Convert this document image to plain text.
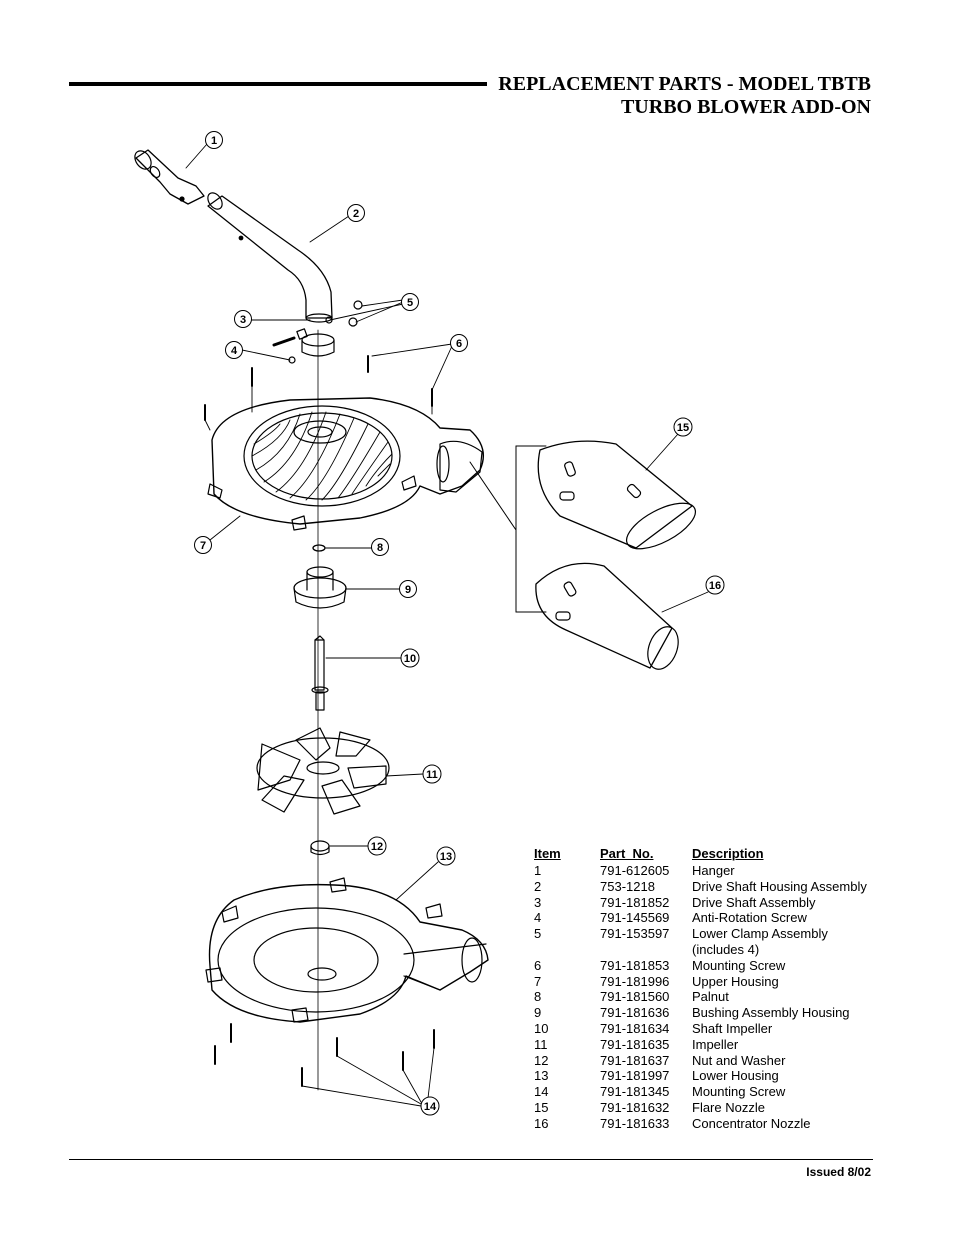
REPLACEMENT PARTS - MODEL TBTB
TURBO BLOWER ADD-ON
1
2
3
4
5
6
7	8
9
10
11
12
13
14
15
16
Item	Part  No.	Description
1	791-612605	Hanger
2	753-1218	Drive Shaft Housing Assembly
3	791-181852	Drive Shaft Assembly
4	791-145569	Anti-Rotation Screw
5	791-153597	Lower Clamp Assembly
		(includes 4)
6	791-181853	Mounting Screw
7	791-181996	Upper Housing
8	791-181560	Palnut
9	791-181636	Bushing Assembly Housing
10	791-181634	Shaft Impeller
11	791-181635	Impeller
12	791-181637	Nut and Washer
13	791-181997	Lower Housing
14	791-181345	Mounting Screw
15	791-181632	Flare Nozzle
16	791-181633	Concentrator Nozzle
Issued 8/02
